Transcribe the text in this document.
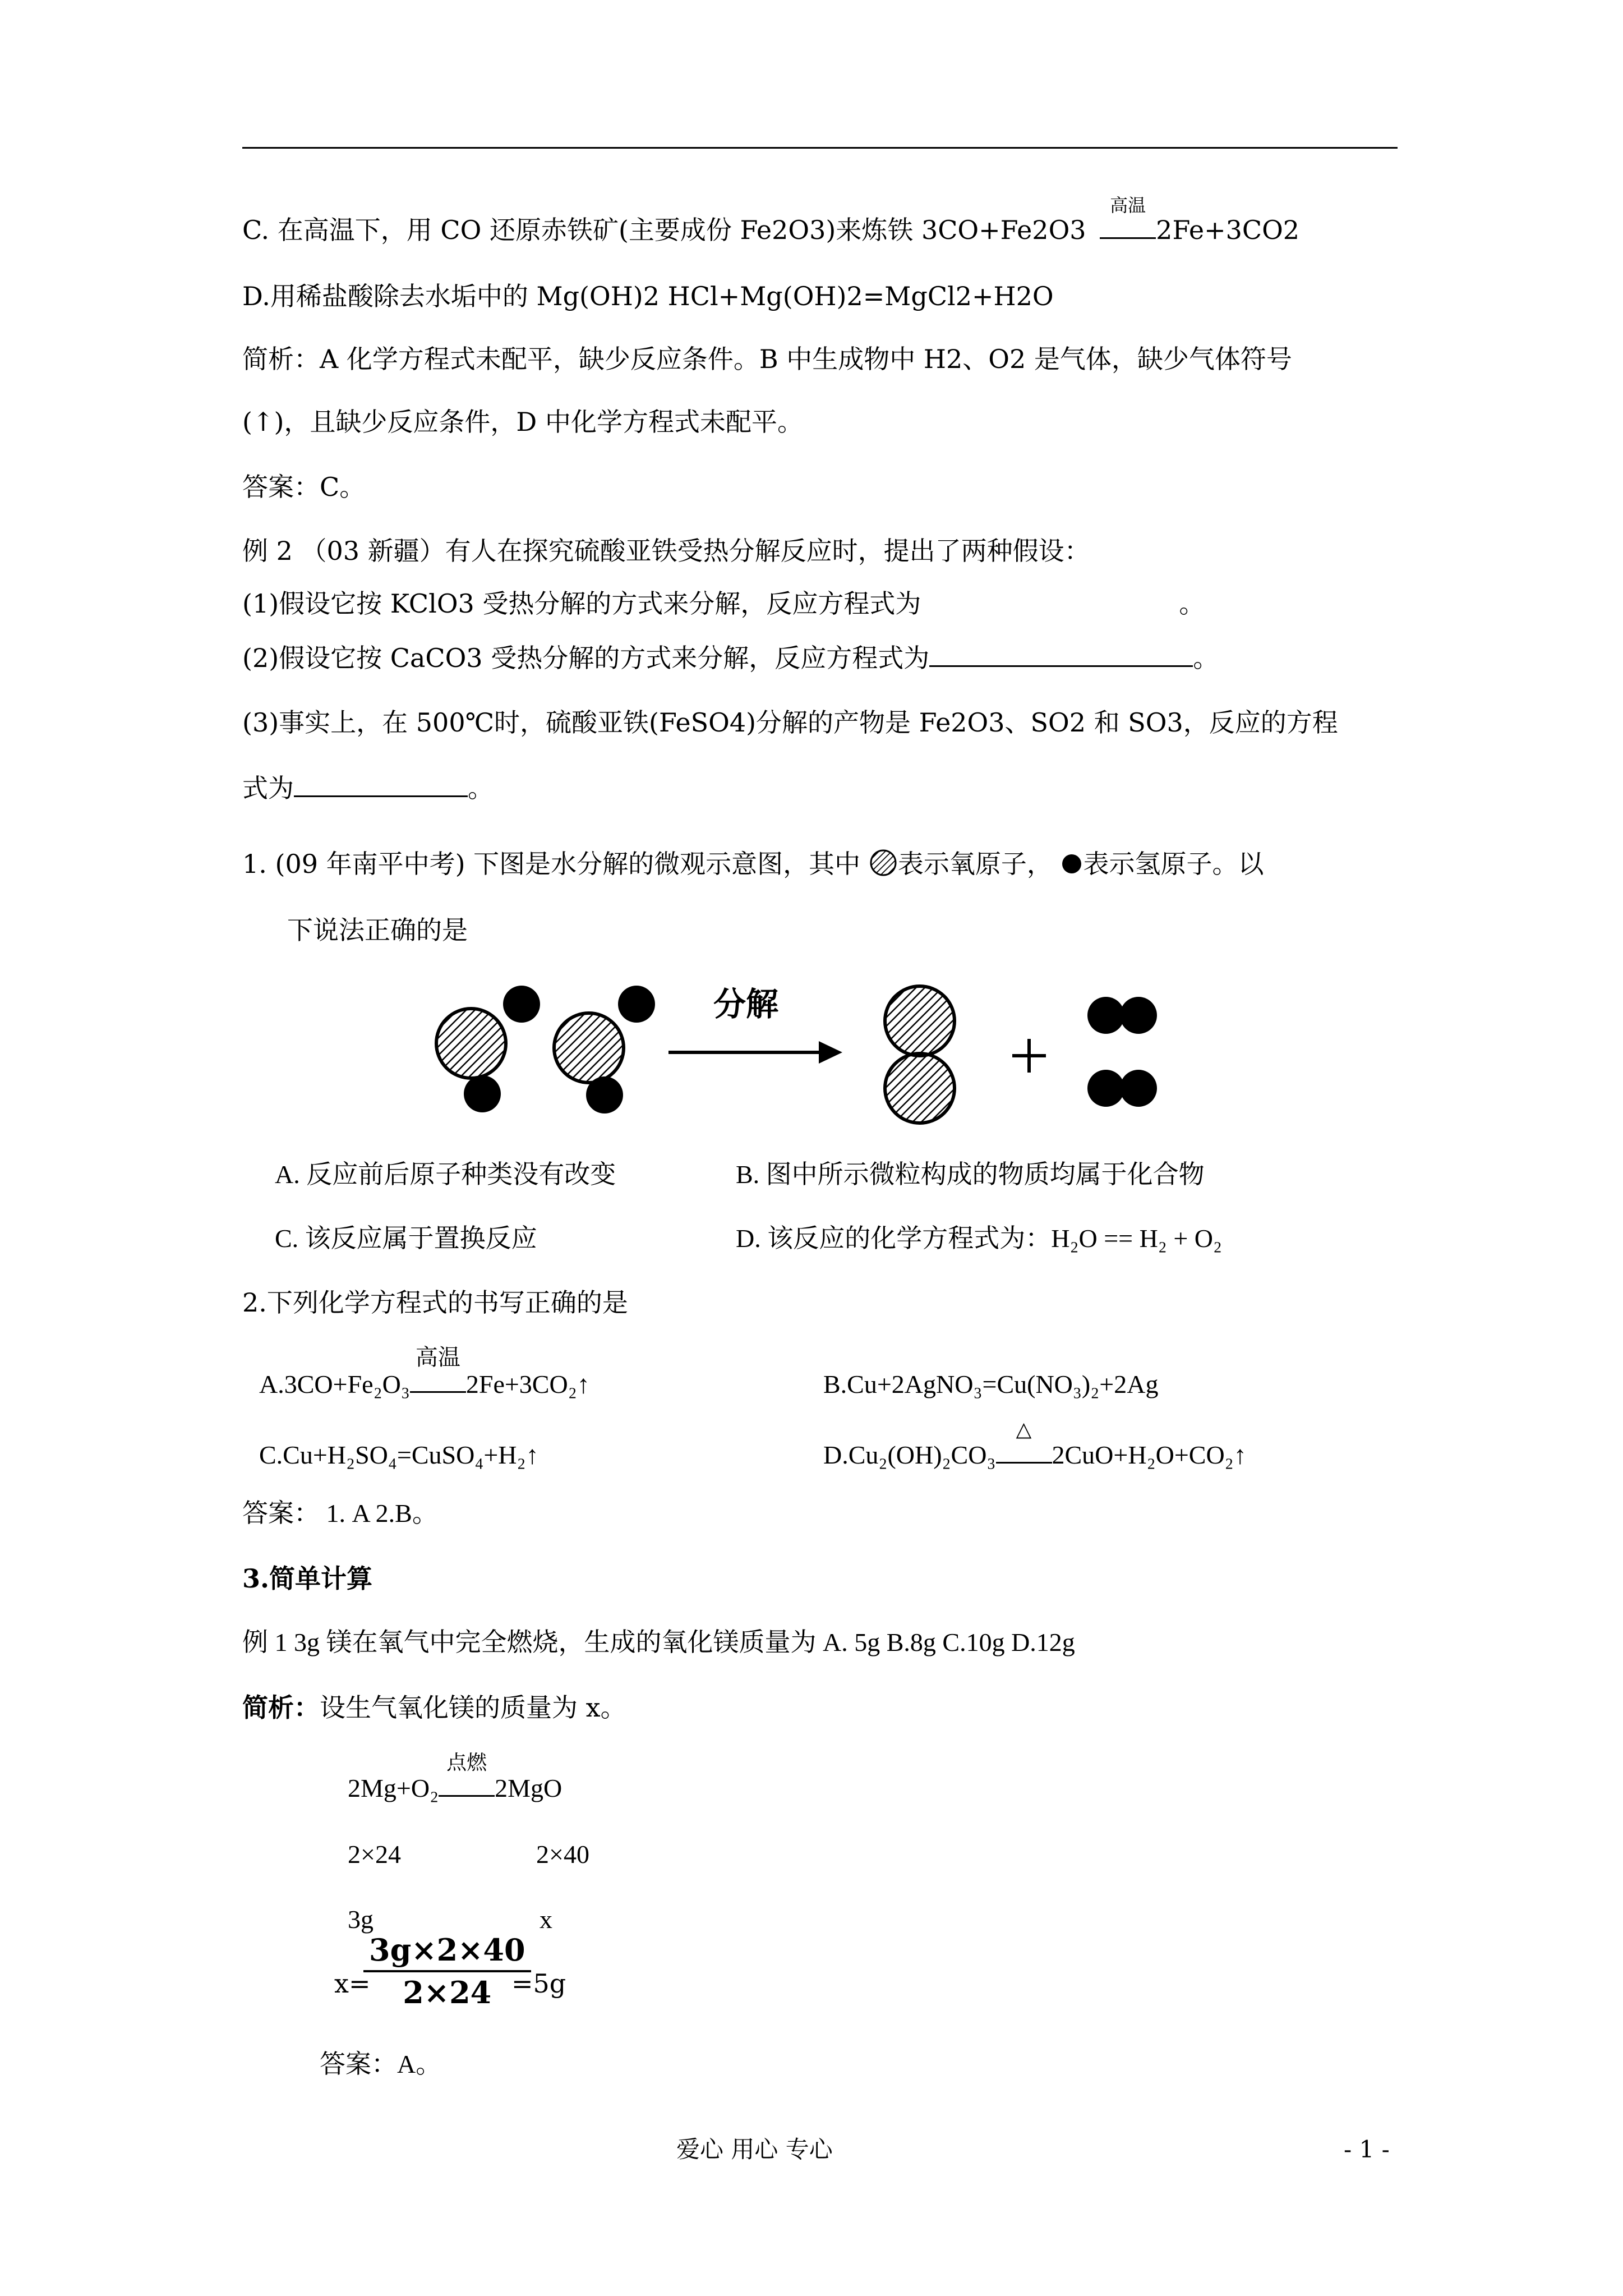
C. 在高温下，用 CO 还原赤铁矿(主要成份 Fe2O3)来炼铁 3CO+Fe2O3
高温
2Fe+3CO2
D.用稀盐酸除去水垢中的 Mg(OH)2 HCl+Mg(OH)2=MgCl2+H2O
简析：A 化学方程式未配平，缺少反应条件。B 中生成物中 H2、O2 是气体，缺少气体符号
(↑)，且缺少反应条件，D 中化学方程式未配平。
答案：C。
例 2 （03 新疆）有人在探究硫酸亚铁受热分解反应时，提出了两种假设：
(1)假设它按 KClO3 受热分解的方式来分解，反应方程式为	。
(2)假设它按 CaCO3 受热分解的方式来分解，反应方程式为	。
(3)事实上，在 500℃时，硫酸亚铁(FeSO4)分解的产物是 Fe2O3、SO2 和 SO3，反应的方程
式为	。
1. (09 年南平中考) 下图是水分解的微观示意图，其中 表示氧原子， 表示氢原子。以
下说法正确的是
分解
A. 反应前后原子种类没有改变	B. 图中所示微粒构成的物质均属于化合物
C. 该反应属于置换反应	D. 该反应的化学方程式为：H₂O == H₂ + O₂
2.下列化学方程式的书写正确的是
A.3CO+Fe₂O₃
高温
2Fe+3CO₂↑	B.Cu+2AgNO₃=Cu(NO₃)₂+2Ag
C.Cu+H₂SO₄=CuSO₄+H₂↑	D.Cu₂(OH)₂CO₃
△
2CuO+H₂O+CO₂↑
答案： 1. A 2.B。
3.简单计算
例 1 3g 镁在氧气中完全燃烧，生成的氧化镁质量为 A. 5g B.8g C.10g D.12g
简析：设生气氧化镁的质量为 x。
2Mg+O₂
点燃
2MgO
2×24	2×40
3g	x
x=
$\frac{3g\times 2\times 40}{2\times 24}$
=5g
答案：A。
爱心 用心 专心	- 1 -
